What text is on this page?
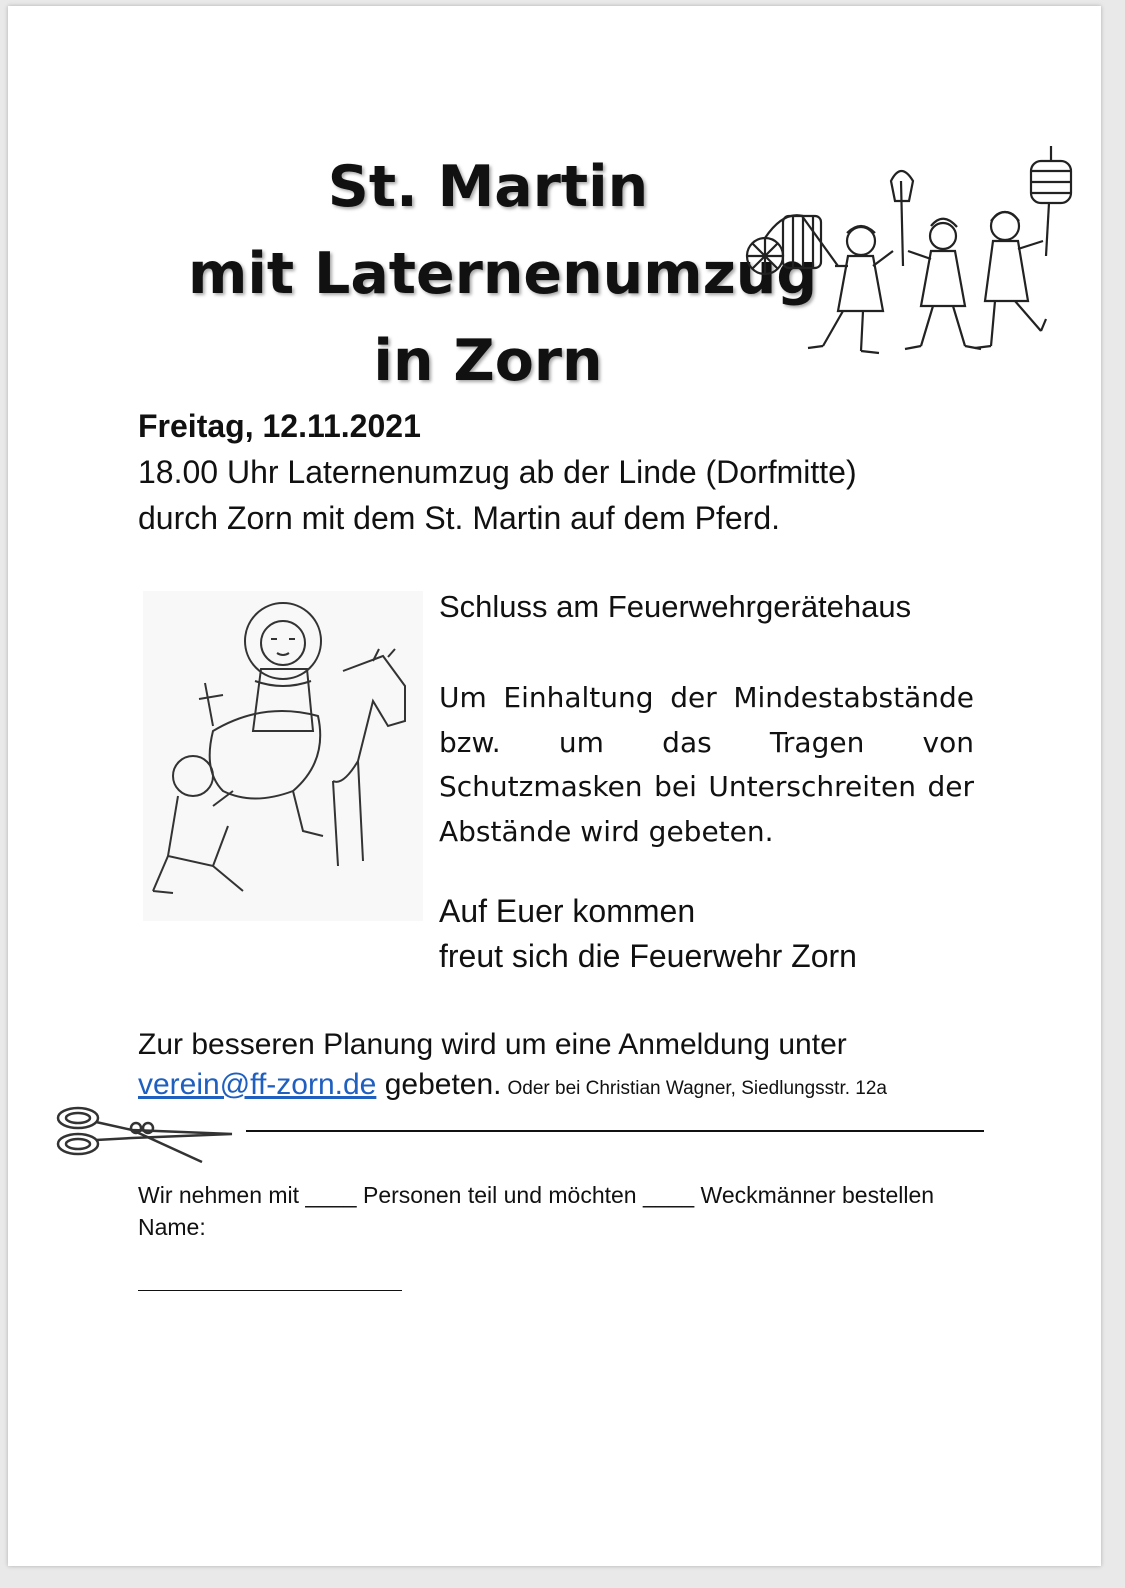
St. Martin
mit Laternenumzug
in Zorn

Freitag, 12.11.2021

18.00 Uhr Laternenumzug ab der Linde (Dorfmitte)

durch Zorn mit dem St. Martin auf dem Pferd.

Schluss am Feuerwehrgerätehaus

Um Einhaltung der Mindestabstände bzw. um das Tragen von Schutzmasken bei Unterschreiten der Abstände wird gebeten.

Auf Euer kommen

freut sich die Feuerwehr Zorn

Zur besseren Planung wird um eine Anmeldung unter

verein@ff-zorn.de gebeten. Oder bei Christian Wagner, Siedlungsstr. 12a

Wir nehmen mit ____ Personen teil und möchten ____ Weckmänner bestellen

Name:
